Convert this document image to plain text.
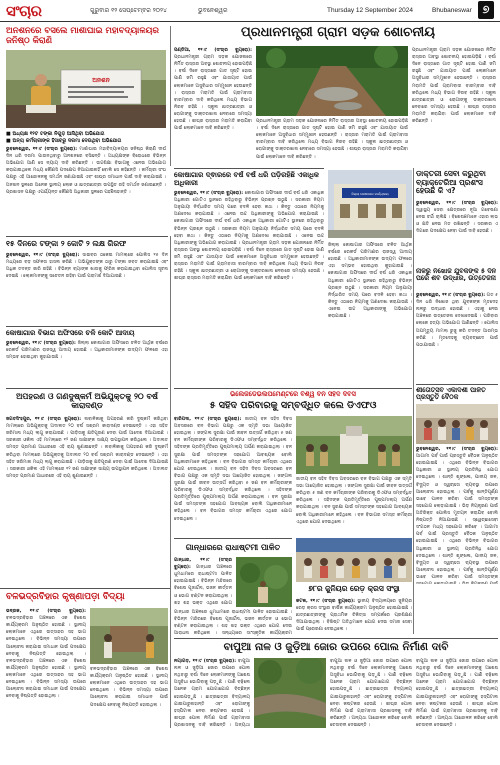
ସଂଚାର	ଗୁରୁବାର ୧୨ ସେପ୍ଟେମ୍ବର ୨୦୨୪	ଭୁବନେଶ୍ୱର	Thursday 12 September 2024	Bhubaneswar ୭
ଅନଶନରେ ବସିଲେ ମାର୍ଶାଘାଇ ମହାବିଦ୍ୟାଳୟର ଜନିଷ୍ଠ କିରାଣି
ଅନଶନ
■ ଅଧ୍ୟକ୍ଷ ୧୨ଟ ଟଙ୍କା ନିଗୁଡ଼ ଆସିଥିବା ଅଭିଯୋଗ
■ ଅନ୍ୟ କର୍ମଚାରୀଙ୍କ ହିସାବରୁ ଦରମା ଦେଉଥିବା ଅଭିଯୋଗ
ଭୁବନେଶ୍ୱର, ୧୧।୯ (ସଂଚାର ବ୍ୟୁରୋ): ମାର୍ଶାଘାଇ ମହାବିଦ୍ୟାଳୟର ଜନିଷ୍ଠ କିରାଣି ଦୀର୍ଘ ଦିନ ଧରି ଦରମା ପାଉନଥିବାରୁ ଅନଶନରେ ବସିଛନ୍ତି । ଅଧ୍ୟକ୍ଷଙ୍କ ବିରୋଧରେ ବିଭିନ୍ନ ଅଭିଯୋଗ ଆଣି ସେ ନ୍ୟାୟ ଦାବି କରିଛନ୍ତି । ଉଚ୍ଚଶିକ୍ଷା ବିଭାଗକୁ ଏନେଇ ଅଭିଯୋଗ କରାଯାଇଥିଲେ ମଧ୍ୟ କୌଣସି ପଦକ୍ଷେପ ନିଆଯାଇନାହିଁ ବୋଲି ସେ କହିଛନ୍ତି । କର୍ମଚାରୀ ସଂଘ ପକ୍ଷରୁ ଏହି ଆନ୍ଦୋଳନକୁ ସମର୍ଥନ ଜଣାଯାଇଛି ଏବଂ ଶୀଘ୍ର ସମାଧାନ ପାଇଁ ଦାବି କରାଯାଇଛି । ଅନଶନ ସ୍ଥଳରେ ଅନେକ ସ୍ଥାନୀୟ ଲୋକ ଓ ଛାତ୍ରଛାତ୍ରୀ ଉପସ୍ଥିତ ରହି ସମର୍ଥନ ଜଣାଇଛନ୍ତି । ପ୍ରଶାସନ ପକ୍ଷରୁ ଏପର୍ଯ୍ୟନ୍ତ କୌଣସି ଅଧିକାରୀ ସ୍ଥଳରେ ପହଞ୍ଚିନାହାନ୍ତି ।
ପ୍ରଧାନମନ୍ତ୍ରୀ ଗ୍ରାମ ସଡ଼କ ଶୋଚନୀୟ
ପଣ୍ଡିଆ, ୧୧।୯ (ସଂଚାର ବ୍ୟୁରୋ): ପ୍ରଧାନମନ୍ତ୍ରୀ ଗ୍ରାମ ସଡ଼କ ଯୋଜନାରେ ନିର୍ମିତ ରାସ୍ତାର ଅବସ୍ଥା ଶୋଚନୀୟ ହୋଇପଡ଼ିଛି । ବର୍ଷା ଦିନେ ରାସ୍ତାରେ ଗାତ ସୃଷ୍ଟି ହୋଇ ପାଣି ଜମି ରହୁଛି ଏବଂ ଯାତାୟାତ ପାଇଁ ଲୋକମାନେ ଅସୁବିଧାର ସମ୍ମୁଖୀନ ହେଉଛନ୍ତି । ରାସ୍ତାର ମରାମତି ପାଇଁ ଗ୍ରାମବାସୀ ବାରମ୍ବାର ଦାବି କରିଥିଲେ ମଧ୍ୟ ବିଭାଗ ନିରବ ରହିଛି । ସ୍କୁଲ ଛାତ୍ରଛାତ୍ରୀ ଓ ରୋଗୀଙ୍କୁ ଡାକ୍ତରଖାନା ନେବାରେ ସମସ୍ୟା ହେଉଛି । ଶୀଘ୍ର ରାସ୍ତାର ମରାମତି କରାଯିବା ପାଇଁ ଲୋକମାନେ ଦାବି କରିଛନ୍ତି ।
ପ୍ରଧାନମନ୍ତ୍ରୀ ଗ୍ରାମ ସଡ଼କ ଯୋଜନାରେ ନିର୍ମିତ ରାସ୍ତାର ଅବସ୍ଥା ଶୋଚନୀୟ ହୋଇପଡ଼ିଛି । ବର୍ଷା ଦିନେ ରାସ୍ତାରେ ଗାତ ସୃଷ୍ଟି ହୋଇ ପାଣି ଜମି ରହୁଛି ଏବଂ ଯାତାୟାତ ପାଇଁ ଲୋକମାନେ ଅସୁବିଧାର ସମ୍ମୁଖୀନ ହେଉଛନ୍ତି । ରାସ୍ତାର ମରାମତି ପାଇଁ ଗ୍ରାମବାସୀ ବାରମ୍ବାର ଦାବି କରିଥିଲେ ମଧ୍ୟ ବିଭାଗ ନିରବ ରହିଛି । ସ୍କୁଲ ଛାତ୍ରଛାତ୍ରୀ ଓ ରୋଗୀଙ୍କୁ ଡାକ୍ତରଖାନା ନେବାରେ ସମସ୍ୟା ହେଉଛି । ଶୀଘ୍ର ରାସ୍ତାର ମରାମତି କରାଯିବା ପାଇଁ ଲୋକମାନେ ଦାବି କରିଛନ୍ତି ।
ପ୍ରଧାନମନ୍ତ୍ରୀ ଗ୍ରାମ ସଡ଼କ ଯୋଜନାରେ ନିର୍ମିତ ରାସ୍ତାର ଅବସ୍ଥା ଶୋଚନୀୟ ହୋଇପଡ଼ିଛି । ବର୍ଷା ଦିନେ ରାସ୍ତାରେ ଗାତ ସୃଷ୍ଟି ହୋଇ ପାଣି ଜମି ରହୁଛି ଏବଂ ଯାତାୟାତ ପାଇଁ ଲୋକମାନେ ଅସୁବିଧାର ସମ୍ମୁଖୀନ ହେଉଛନ୍ତି । ରାସ୍ତାର ମରାମତି ପାଇଁ ଗ୍ରାମବାସୀ ବାରମ୍ବାର ଦାବି କରିଥିଲେ ମଧ୍ୟ ବିଭାଗ ନିରବ ରହିଛି । ସ୍କୁଲ ଛାତ୍ରଛାତ୍ରୀ ଓ ରୋଗୀଙ୍କୁ ଡାକ୍ତରଖାନା ନେବାରେ ସମସ୍ୟା ହେଉଛି । ଶୀଘ୍ର ରାସ୍ତାର ମରାମତି କରାଯିବା ପାଇଁ ଲୋକମାନେ ଦାବି କରିଛନ୍ତି ।
୧୫ ଦିନରେ ଟଙ୍କା ୨ କୋଟି ୨ ଲକ୍ଷ ଗିରଫ
ଭୁବନେଶ୍ୱର, ୧୧।୯ (ସଂଚାର ବ୍ୟୁରୋ): ସାଇବର ଠକେଇ ମାମଲାରେ ପୋଲିସ ୧୫ ଦିନ ମଧ୍ୟରେ ବଡ଼ ସଫଳତା ହାସଲ କରିଛି । ଅଭିଯୁକ୍ତଙ୍କ ଠାରୁ ଟଙ୍କା ଜବତ କରାଯାଇଛି ଏବଂ ଅଧିକ ତଦନ୍ତ ଜାରି ରହିଛି । ବିଭିନ୍ନ ବ୍ୟାଙ୍କ ଖାତାକୁ ଫ୍ରିଜ କରାଯାଇଥିବା ପୋଲିସ ସୂଚନା ଦେଇଛି । ଲୋକମାନଙ୍କୁ ସଚେତନ ରହିବା ପାଇଁ ପରାମର୍ଶ ଦିଆଯାଇଛି ।
କୋଷାଗାର ବିଭାଗ ଅଫିସରେ ଚଳି କୋଟି ଆଦାୟ
ଭୁବନେଶ୍ୱର, ୧୧।୯ (ସଂଚାର ବ୍ୟୁରୋ): ଜିଲ୍ଲା କୋଷାଗାର ଅଫିସରେ ଚଳିତ ଆର୍ଥିକ ବର୍ଷରେ ରେକର୍ଡ ପରିମାଣର ରାଜସ୍ୱ ଆଦାୟ ହୋଇଛି । ଅଧିକାରୀମାନଙ୍କ ଉଦ୍ୟମ ଫଳରେ ଏହା ସମ୍ଭବ ହୋଇଥିବା କୁହାଯାଉଛି ।
ଅପହରଣ ଓ ଗଣଦୁଷ୍କର୍ମ ଅଭିଯୁକ୍ତକୁ ୨୦ ବର୍ଷ କାରାଦଣ୍ଡ
ଜଗତସିଂହପୁର, ୧୧।୯ (ସଂଚାର ବ୍ୟୁରୋ): ନାବାଳିକାକୁ ଅପହରଣ କରି ଦୁଷ୍କର୍ମ କରିଥିବା ମାମଲାରେ ଅଭିଯୁକ୍ତକୁ ଅଦାଲତ ୨୦ ବର୍ଷ ସଶ୍ରମ କାରାଦଣ୍ଡ ଦେଇଛନ୍ତି । ଏହା ସହିତ ଜରିମାନା ମଧ୍ୟ ଲାଗୁ କରାଯାଇଛି । ପୀଡ଼ିତାକୁ କ୍ଷତିପୂରଣ ଦେବା ପାଇଁ ଆଦେଶ ଦିଆଯାଇଛି । ସରକାରୀ ଓକିଲ ଏହି ମାମଲାରେ ୧୨ ଜଣ ସାକ୍ଷୀଙ୍କ ସାକ୍ଷ୍ୟ ଉପସ୍ଥାପନ କରିଥିଲେ । ଅଦାଲତ ସମସ୍ତ ପ୍ରମାଣ ଆଧାରରେ ଏହି ରାୟ ଶୁଣାଇଛନ୍ତି । ନାବାଳିକାକୁ ଅପହରଣ କରି ଦୁଷ୍କର୍ମ କରିଥିବା ମାମଲାରେ ଅଭିଯୁକ୍ତକୁ ଅଦାଲତ ୨୦ ବର୍ଷ ସଶ୍ରମ କାରାଦଣ୍ଡ ଦେଇଛନ୍ତି । ଏହା ସହିତ ଜରିମାନା ମଧ୍ୟ ଲାଗୁ କରାଯାଇଛି । ପୀଡ଼ିତାକୁ କ୍ଷତିପୂରଣ ଦେବା ପାଇଁ ଆଦେଶ ଦିଆଯାଇଛି । ସରକାରୀ ଓକିଲ ଏହି ମାମଲାରେ ୧୨ ଜଣ ସାକ୍ଷୀଙ୍କ ସାକ୍ଷ୍ୟ ଉପସ୍ଥାପନ କରିଥିଲେ । ଅଦାଲତ ସମସ୍ତ ପ୍ରମାଣ ଆଧାରରେ ଏହି ରାୟ ଶୁଣାଇଛନ୍ତି ।
କୋଷାଗାର ଦ୍ଵାରରେ ବର୍ଷ ବର୍ଷ ଧରି ପଡ଼ିରହିଛି ଏକାଧିକ ଅଧିକାରୀ
ଭୁବନେଶ୍ୱର, ୧୧।୯ (ସଂଚାର ବ୍ୟୁରୋ): କୋଷାଗାର ଅଫିସରେ ଦୀର୍ଘ ବର୍ଷ ଧରି ଏକାଧିକ ଅଧିକାରୀ ଗୋଟିଏ ସ୍ଥାନରେ ରହିଥିବାରୁ ବିଭିନ୍ନ ପ୍ରଶ୍ନ ଉଠୁଛି । ସରକାରୀ ନିୟମ ଅନୁଯାୟୀ ନିର୍ଦ୍ଧାରିତ ସମୟ ପରେ ବଦଳି ହେବା କଥା । କିନ୍ତୁ ଏଠାରେ ନିୟମକୁ ଅଣଦେଖା କରାଯାଉଛି । ଏନେଇ ଉଚ୍ଚ ଅଧିକାରୀଙ୍କୁ ଅଭିଯୋଗ କରାଯାଇଛି । କୋଷାଗାର ଅଫିସରେ ଦୀର୍ଘ ବର୍ଷ ଧରି ଏକାଧିକ ଅଧିକାରୀ ଗୋଟିଏ ସ୍ଥାନରେ ରହିଥିବାରୁ ବିଭିନ୍ନ ପ୍ରଶ୍ନ ଉଠୁଛି । ସରକାରୀ ନିୟମ ଅନୁଯାୟୀ ନିର୍ଦ୍ଧାରିତ ସମୟ ପରେ ବଦଳି ହେବା କଥା । କିନ୍ତୁ ଏଠାରେ ନିୟମକୁ ଅଣଦେଖା କରାଯାଉଛି । ଏନେଇ ଉଚ୍ଚ ଅଧିକାରୀଙ୍କୁ ଅଭିଯୋଗ କରାଯାଇଛି । ପ୍ରଧାନମନ୍ତ୍ରୀ ଗ୍ରାମ ସଡ଼କ ଯୋଜନାରେ ନିର୍ମିତ ରାସ୍ତାର ଅବସ୍ଥା ଶୋଚନୀୟ ହୋଇପଡ଼ିଛି । ବର୍ଷା ଦିନେ ରାସ୍ତାରେ ଗାତ ସୃଷ୍ଟି ହୋଇ ପାଣି ଜମି ରହୁଛି ଏବଂ ଯାତାୟାତ ପାଇଁ ଲୋକମାନେ ଅସୁବିଧାର ସମ୍ମୁଖୀନ ହେଉଛନ୍ତି । ରାସ୍ତାର ମରାମତି ପାଇଁ ଗ୍ରାମବାସୀ ବାରମ୍ବାର ଦାବି କରିଥିଲେ ମଧ୍ୟ ବିଭାଗ ନିରବ ରହିଛି । ସ୍କୁଲ ଛାତ୍ରଛାତ୍ରୀ ଓ ରୋଗୀଙ୍କୁ ଡାକ୍ତରଖାନା ନେବାରେ ସମସ୍ୟା ହେଉଛି । ଶୀଘ୍ର ରାସ୍ତାର ମରାମତି କରାଯିବା ପାଇଁ ଲୋକମାନେ ଦାବି କରିଛନ୍ତି ।
ଜିଲ୍ଲା କୋଷାଗାର କାର୍ଯ୍ୟାଳୟ
ଡାକ୍ତରୀ ସେବା କରୁଥିବା ବ୍ୟାକ୍ଟେରିଆ ପ୍ରଶଂସ ହେଉଛି କି ଏ?
ଭୁବନେଶ୍ୱର, ୧୧।୯ (ସଂଚାର ବ୍ୟୁରୋ): ସ୍ୱାସ୍ଥ୍ୟ ସେବା କ୍ଷେତ୍ରରେ ନୂଆ ଗବେଷଣା ନେଇ ଚର୍ଚ୍ଚା ଚାଲିଛି । ବିଶେଷଜ୍ଞମାନେ ଏହାର ଲାଭ ଓ କ୍ଷତି ନେଇ ମତ ରଖିଛନ୍ତି । ସରକାର ଏ ଦିଗରେ ପଦକ୍ଷେପ ନେବା ପାଇଁ ଦାବି ହେଉଛି ।
ଜିଲ୍ଲା କୋଷାଗାର ଅଫିସରେ ଚଳିତ ଆର୍ଥିକ ବର୍ଷରେ ରେକର୍ଡ ପରିମାଣର ରାଜସ୍ୱ ଆଦାୟ ହୋଇଛି । ଅଧିକାରୀମାନଙ୍କ ଉଦ୍ୟମ ଫଳରେ ଏହା ସମ୍ଭବ ହୋଇଥିବା କୁହାଯାଉଛି । କୋଷାଗାର ଅଫିସରେ ଦୀର୍ଘ ବର୍ଷ ଧରି ଏକାଧିକ ଅଧିକାରୀ ଗୋଟିଏ ସ୍ଥାନରେ ରହିଥିବାରୁ ବିଭିନ୍ନ ପ୍ରଶ୍ନ ଉଠୁଛି । ସରକାରୀ ନିୟମ ଅନୁଯାୟୀ ନିର୍ଦ୍ଧାରିତ ସମୟ ପରେ ବଦଳି ହେବା କଥା । କିନ୍ତୁ ଏଠାରେ ନିୟମକୁ ଅଣଦେଖା କରାଯାଉଛି । ଏନେଇ ଉଚ୍ଚ ଅଧିକାରୀଙ୍କୁ ଅଭିଯୋଗ କରାଯାଇଛି ।
ନାଳରୁ ନିଖୋଜ ଯୁବକଙ୍କ ୫ ଦିନ ପରେ ଶବ ଉଦ୍ଧାର, ଉତ୍ତେଜନା
ଭୁବନେଶ୍ୱର, ୧୧।୯ (ସଂଚାର ବ୍ୟୁରୋ): ଗତ ୫ ଦିନ ଧରି ନିଖୋଜ ଥିବା ଯୁବକଙ୍କ ମୃତଦେହ ନାଳରୁ ଉଦ୍ଧାର ହୋଇଛି । ଏହାକୁ ନେଇ ଅଞ୍ଚଳରେ ଉତ୍ତେଜନା ଦେଖାଦେଇଛି । ପରିବାର ଲୋକେ ହତ୍ୟା ଅଭିଯୋଗ ଆଣିଛନ୍ତି । ପୋଲିସ ଅପମୃତ୍ୟୁ ମାମଲା ରୁଜୁ କରି ତଦନ୍ତ ଆରମ୍ଭ କରିଛି । ମୃତଦେହକୁ ବ୍ୟବଚ୍ଛେଦ ପାଇଁ ପଠାଯାଇଛି ।
ଶୀତୋତ୍ସବ ଏକାଦଶୀ ପାଳିତ ପ୍ରସ୍ତୁତି ବୈଠକ
ଭୁବନେଶ୍ୱର, ୧୧।୯ (ସଂଚାର ବ୍ୟୁରୋ): ଆଗାମୀ ପର୍ବ ପାଇଁ ପ୍ରସ୍ତୁତି ବୈଠକ ଅନୁଷ୍ଠିତ ହୋଇଯାଇଛି । ଏଥିରେ ବିଭିନ୍ନ ବିଭାଗର ଅଧିକାରୀ ଓ ସ୍ଥାନୀୟ ପ୍ରତିନିଧି ଯୋଗ ଦେଇଥିଲେ । ଶାନ୍ତି ଶୃଙ୍ଖଳା, ପାନୀୟ ଜଳ, ବିଦ୍ୟୁତ ଓ ସ୍ୱଚ୍ଛତା ବ୍ୟବସ୍ଥା ଉପରେ ଆଲୋଚନା ହୋଇଥିଲା । ପର୍ବକୁ ଶାନ୍ତିପୂର୍ଣ୍ଣ ଭାବେ ପାଳନ କରିବା ପାଇଁ ସମସ୍ତଙ୍କ ସହଯୋଗ ଲୋଡ଼ାଯାଇଛି । ଭିଡ଼ ନିୟନ୍ତ୍ରଣ ପାଇଁ ଅତିରିକ୍ତ ପୋଲିସ ମୁତୟନ କରାଯିବ ବୋଲି ନିଷ୍ପତ୍ତି ନିଆଯାଇଛି । ସ୍ୱେଚ୍ଛାସେବୀ ସଂଗଠନ ମଧ୍ୟ ସହଯୋଗ କରିବେ । ଆଗାମୀ ପର୍ବ ପାଇଁ ପ୍ରସ୍ତୁତି ବୈଠକ ଅନୁଷ୍ଠିତ ହୋଇଯାଇଛି । ଏଥିରେ ବିଭିନ୍ନ ବିଭାଗର ଅଧିକାରୀ ଓ ସ୍ଥାନୀୟ ପ୍ରତିନିଧି ଯୋଗ ଦେଇଥିଲେ । ଶାନ୍ତି ଶୃଙ୍ଖଳା, ପାନୀୟ ଜଳ, ବିଦ୍ୟୁତ ଓ ସ୍ୱଚ୍ଛତା ବ୍ୟବସ୍ଥା ଉପରେ ଆଲୋଚନା ହୋଇଥିଲା । ପର୍ବକୁ ଶାନ୍ତିପୂର୍ଣ୍ଣ ଭାବେ ପାଳନ କରିବା ପାଇଁ ସମସ୍ତଙ୍କ
ଭିଲେଜଡେଭଲପମେଣ୍ଟରେ ବିଶ୍ୱ ବନ ସହିଦ ଦିବସ
୫ ସହିଦ ପରିବାରକୁ ସମ୍ବର୍ଦ୍ଧିତ କଲେ ଡିଏଫଓ
ବାରିପଦା, ୧୧।୯ (ସଂଚାର ବ୍ୟୁରୋ): ଜାତୀୟ ବନ ସହିଦ ଦିବସ ଅବସରରେ ବନ ବିଭାଗ ପକ୍ଷରୁ ଏକ ସ୍ମୃତି ସଭା ଆୟୋଜିତ ହୋଇଥିଲା । ଜଙ୍ଗଲ ସୁରକ୍ଷା ପାଇଁ ଜୀବନ ଉତ୍ସର୍ଗ କରିଥିବା ୫ ଜଣ ବନ କର୍ମଚାରୀଙ୍କ ପରିବାରକୁ ଡିଏଫଓ ସମ୍ବର୍ଦ୍ଧିତ କରିଥିଲେ । ସହିଦଙ୍କ ପ୍ରତିମୂର୍ତ୍ତିରେ ପୁଷ୍ପମାଲ୍ୟ ଅର୍ପଣ କରାଯାଇଥିଲା । ବନ ସୁରକ୍ଷା ପାଇଁ ସମସ୍ତଙ୍କ ସହଯୋଗ ଆବଶ୍ୟକ ବୋଲି ଅଧିକାରୀମାନେ କହିଥିଲେ । ବନ ବିଭାଗର ସମସ୍ତ କର୍ମଚାରୀ ଏଥିରେ ଯୋଗ ଦେଇଥିଲେ । ଜାତୀୟ ବନ ସହିଦ ଦିବସ ଅବସରରେ ବନ ବିଭାଗ ପକ୍ଷରୁ ଏକ ସ୍ମୃତି ସଭା ଆୟୋଜିତ ହୋଇଥିଲା । ଜଙ୍ଗଲ ସୁରକ୍ଷା ପାଇଁ ଜୀବନ ଉତ୍ସର୍ଗ କରିଥିବା ୫ ଜଣ ବନ କର୍ମଚାରୀଙ୍କ ପରିବାରକୁ ଡିଏଫଓ ସମ୍ବର୍ଦ୍ଧିତ କରିଥିଲେ । ସହିଦଙ୍କ ପ୍ରତିମୂର୍ତ୍ତିରେ ପୁଷ୍ପମାଲ୍ୟ ଅର୍ପଣ କରାଯାଇଥିଲା । ବନ ସୁରକ୍ଷା ପାଇଁ ସମସ୍ତଙ୍କ ସହଯୋଗ ଆବଶ୍ୟକ ବୋଲି ଅଧିକାରୀମାନେ କହିଥିଲେ । ବନ ବିଭାଗର ସମସ୍ତ କର୍ମଚାରୀ ଏଥିରେ ଯୋଗ ଦେଇଥିଲେ ।
ଜାତୀୟ ବନ ସହିଦ ଦିବସ ଅବସରରେ ବନ ବିଭାଗ ପକ୍ଷରୁ ଏକ ସ୍ମୃତି ସଭା ଆୟୋଜିତ ହୋଇଥିଲା । ଜଙ୍ଗଲ ସୁରକ୍ଷା ପାଇଁ ଜୀବନ ଉତ୍ସର୍ଗ କରିଥିବା ୫ ଜଣ ବନ କର୍ମଚାରୀଙ୍କ ପରିବାରକୁ ଡିଏଫଓ ସମ୍ବର୍ଦ୍ଧିତ କରିଥିଲେ । ସହିଦଙ୍କ ପ୍ରତିମୂର୍ତ୍ତିରେ ପୁଷ୍ପମାଲ୍ୟ ଅର୍ପଣ କରାଯାଇଥିଲା । ବନ ସୁରକ୍ଷା ପାଇଁ ସମସ୍ତଙ୍କ ସହଯୋଗ ଆବଶ୍ୟକ ବୋଲି ଅଧିକାରୀମାନେ କହିଥିଲେ । ବନ ବିଭାଗର ସମସ୍ତ କର୍ମଚାରୀ ଏଥିରେ ଯୋଗ ଦେଇଥିଲେ ।
ଗାନ୍ଧାରରେ ରାଧାଷ୍ଟମୀ ପାଳିତ
ଗାନ୍ଧାର, ୧୧।୯ (ସଂଚାର ବ୍ୟୁରୋ): ଗାନ୍ଧାର ଅଞ୍ଚଳରେ ଧୁମଧାମରେ ରାଧାଷ୍ଟମୀ ପାଳିତ ହୋଇଯାଇଛି । ବିଭିନ୍ନ ମନ୍ଦିରରେ ବିଶେଷ ପୂଜାର୍ଚ୍ଚନା, ଭଜନ କୀର୍ତ୍ତନ ଓ ଭୋଗ ବଣ୍ଟନ କରାଯାଇଥିଲା । ଶହ ଶହ ଭକ୍ତ ଏଥିରେ ଯୋଗ
୭୮ର ଜୁନିୟର ରେଡ଼ କ୍ରସ ସଂସ୍ଥା
କଟକ, ୧୧।୯ (ସଂଚାର ବ୍ୟୁରୋ): ସ୍ଥାନୀୟ ବିଦ୍ୟାଳୟରେ ଜୁନିୟର ରେଡ଼ କ୍ରସ ସଂସ୍ଥାର ବାର୍ଷିକ କାର୍ଯ୍ୟକ୍ରମ ଅନୁଷ୍ଠିତ ହୋଇଯାଇଛି । ଛାତ୍ରଛାତ୍ରୀଙ୍କୁ ପ୍ରାଥମିକ ଚିକିତ୍ସା ସମ୍ପର୍କରେ ପ୍ରଶିକ୍ଷଣ ଦିଆଯାଇଥିଲା । ବିଶିଷ୍ଟ ଅତିଥିମାନେ ଯୋଗ ଦେଇ ସମାଜ ସେବା ପାଇଁ ପ୍ରେରଣା ଦେଇଥିଲେ ।
ଗାନ୍ଧାର ଅଞ୍ଚଳରେ ଧୁମଧାମରେ ରାଧାଷ୍ଟମୀ ପାଳିତ ହୋଇଯାଇଛି । ବିଭିନ୍ନ ମନ୍ଦିରରେ ବିଶେଷ ପୂଜାର୍ଚ୍ଚନା, ଭଜନ କୀର୍ତ୍ତନ ଓ ଭୋଗ ବଣ୍ଟନ କରାଯାଇଥିଲା । ଶହ ଶହ ଭକ୍ତ ଏଥିରେ ଯୋଗ ଦେଇ ଆରାଧନା କରିଥିଲେ । ସନ୍ଧ୍ୟାରେ ସାଂସ୍କୃତିକ କାର୍ଯ୍ୟକ୍ରମ
ବଳଭଦ୍ରବିହାର କୃଷ୍ଣାପଡ଼ା ବିଦ୍ୟା
ଭଦ୍ରକ, ୧୧।୯ (ସଂଚାର ବ୍ୟୁରୋ): ବଳଭଦ୍ରବିହାର ଅଞ୍ଚଳରେ ଏକ ବିଶେଷ କାର୍ଯ୍ୟକ୍ରମ ଅନୁଷ୍ଠିତ ହୋଇଛି । ସ୍ଥାନୀୟ ଲୋକମାନେ ଏଥିରେ ଉତ୍ସାହର ସହ ଭାଗ ନେଇଥିଲେ । ବିଭିନ୍ନ ସମସ୍ୟା ଉପରେ ଆଲୋଚନା କରାଯାଇ ସମାଧାନ ପାଇଁ ପଦକ୍ଷେପ ନେବାକୁ ନିଷ୍ପତ୍ତି ହୋଇଥିଲା । ବଳଭଦ୍ରବିହାର ଅଞ୍ଚଳରେ ଏକ ବିଶେଷ କାର୍ଯ୍ୟକ୍ରମ ଅନୁଷ୍ଠିତ ହୋଇଛି । ସ୍ଥାନୀୟ ଲୋକମାନେ ଏଥିରେ ଉତ୍ସାହର ସହ ଭାଗ ନେଇଥିଲେ । ବିଭିନ୍ନ ସମସ୍ୟା ଉପରେ ଆଲୋଚନା କରାଯାଇ ସମାଧାନ ପାଇଁ ପଦକ୍ଷେପ ନେବାକୁ ନିଷ୍ପତ୍ତି ହୋଇଥିଲା ।
ବଳଭଦ୍ରବିହାର ଅଞ୍ଚଳରେ ଏକ ବିଶେଷ କାର୍ଯ୍ୟକ୍ରମ ଅନୁଷ୍ଠିତ ହୋଇଛି । ସ୍ଥାନୀୟ ଲୋକମାନେ ଏଥିରେ ଉତ୍ସାହର ସହ ଭାଗ ନେଇଥିଲେ । ବିଭିନ୍ନ ସମସ୍ୟା ଉପରେ ଆଲୋଚନା କରାଯାଇ ସମାଧାନ ପାଇଁ ପଦକ୍ଷେପ ନେବାକୁ ନିଷ୍ପତ୍ତି ହୋଇଥିଲା ।
ବାପୁଆ ନାଳ ଓ ଜୁଡ଼ିଆ ଜୋର ଉପରେ ପୋଲ ନିର୍ମାଣ ଦାବି
ନୟାଗଡ଼, ୧୧।୯ (ସଂଚାର ବ୍ୟୁରୋ): ବାପୁଆ ନାଳ ଓ ଜୁଡ଼ିଆ ଜୋର ଉପରେ ପୋଲ ନଥିବାରୁ ବର୍ଷା ଦିନେ ଲୋକମାନଙ୍କୁ ଅଶେଷ ଅସୁବିଧା ଭୋଗିବାକୁ ପଡ଼ୁଛି । ପାଣି ବଢ଼ିଲେ ଅନେକ ଗ୍ରାମ ଯୋଗାଯୋଗ ବିଚ୍ଛିନ୍ନ ହୋଇପଡ଼ୁଛି । ଛାତ୍ରଛାତ୍ରୀ ବିଦ୍ୟାଳୟ ଯାଇପାରୁନାହାନ୍ତି ଏବଂ ରୋଗୀଙ୍କୁ ହସ୍ପିଟାଲ ନେବା କଷ୍ଟକର ହେଉଛି । ଶୀଘ୍ର ପୋଲ ନିର୍ମାଣ ପାଇଁ ଗ୍ରାମବାସୀ ପ୍ରଶାସନକୁ ଦାବି କରିଛନ୍ତି । ଅନ୍ୟଥା
ବାପୁଆ ନାଳ ଓ ଜୁଡ଼ିଆ ଜୋର ଉପରେ ପୋଲ ନଥିବାରୁ ବର୍ଷା ଦିନେ ଲୋକମାନଙ୍କୁ ଅଶେଷ ଅସୁବିଧା ଭୋଗିବାକୁ ପଡ଼ୁଛି । ପାଣି ବଢ଼ିଲେ ଅନେକ ଗ୍ରାମ ଯୋଗାଯୋଗ ବିଚ୍ଛିନ୍ନ ହୋଇପଡ଼ୁଛି । ଛାତ୍ରଛାତ୍ରୀ ବିଦ୍ୟାଳୟ ଯାଇପାରୁନାହାନ୍ତି ଏବଂ ରୋଗୀଙ୍କୁ ହସ୍ପିଟାଲ ନେବା କଷ୍ଟକର ହେଉଛି । ଶୀଘ୍ର ପୋଲ ନିର୍ମାଣ ପାଇଁ ଗ୍ରାମବାସୀ ପ୍ରଶାସନକୁ ଦାବି କରିଛନ୍ତି । ଅନ୍ୟଥା ଆନ୍ଦୋଳନ କରିବେ ବୋଲି ଚେତାବନୀ ଦେଇଛନ୍ତି ।
ବାପୁଆ ନାଳ ଓ ଜୁଡ଼ିଆ ଜୋର ଉପରେ ପୋଲ ନଥିବାରୁ ବର୍ଷା ଦିନେ ଲୋକମାନଙ୍କୁ ଅଶେଷ ଅସୁବିଧା ଭୋଗିବାକୁ ପଡ଼ୁଛି । ପାଣି ବଢ଼ିଲେ ଅନେକ ଗ୍ରାମ ଯୋଗାଯୋଗ ବିଚ୍ଛିନ୍ନ ହୋଇପଡ଼ୁଛି । ଛାତ୍ରଛାତ୍ରୀ ବିଦ୍ୟାଳୟ ଯାଇପାରୁନାହାନ୍ତି ଏବଂ ରୋଗୀଙ୍କୁ ହସ୍ପିଟାଲ ନେବା କଷ୍ଟକର ହେଉଛି । ଶୀଘ୍ର ପୋଲ ନିର୍ମାଣ ପାଇଁ ଗ୍ରାମବାସୀ ପ୍ରଶାସନକୁ ଦାବି କରିଛନ୍ତି । ଅନ୍ୟଥା ଆନ୍ଦୋଳନ କରିବେ ବୋଲି ଚେତାବନୀ ଦେଇଛନ୍ତି ।
